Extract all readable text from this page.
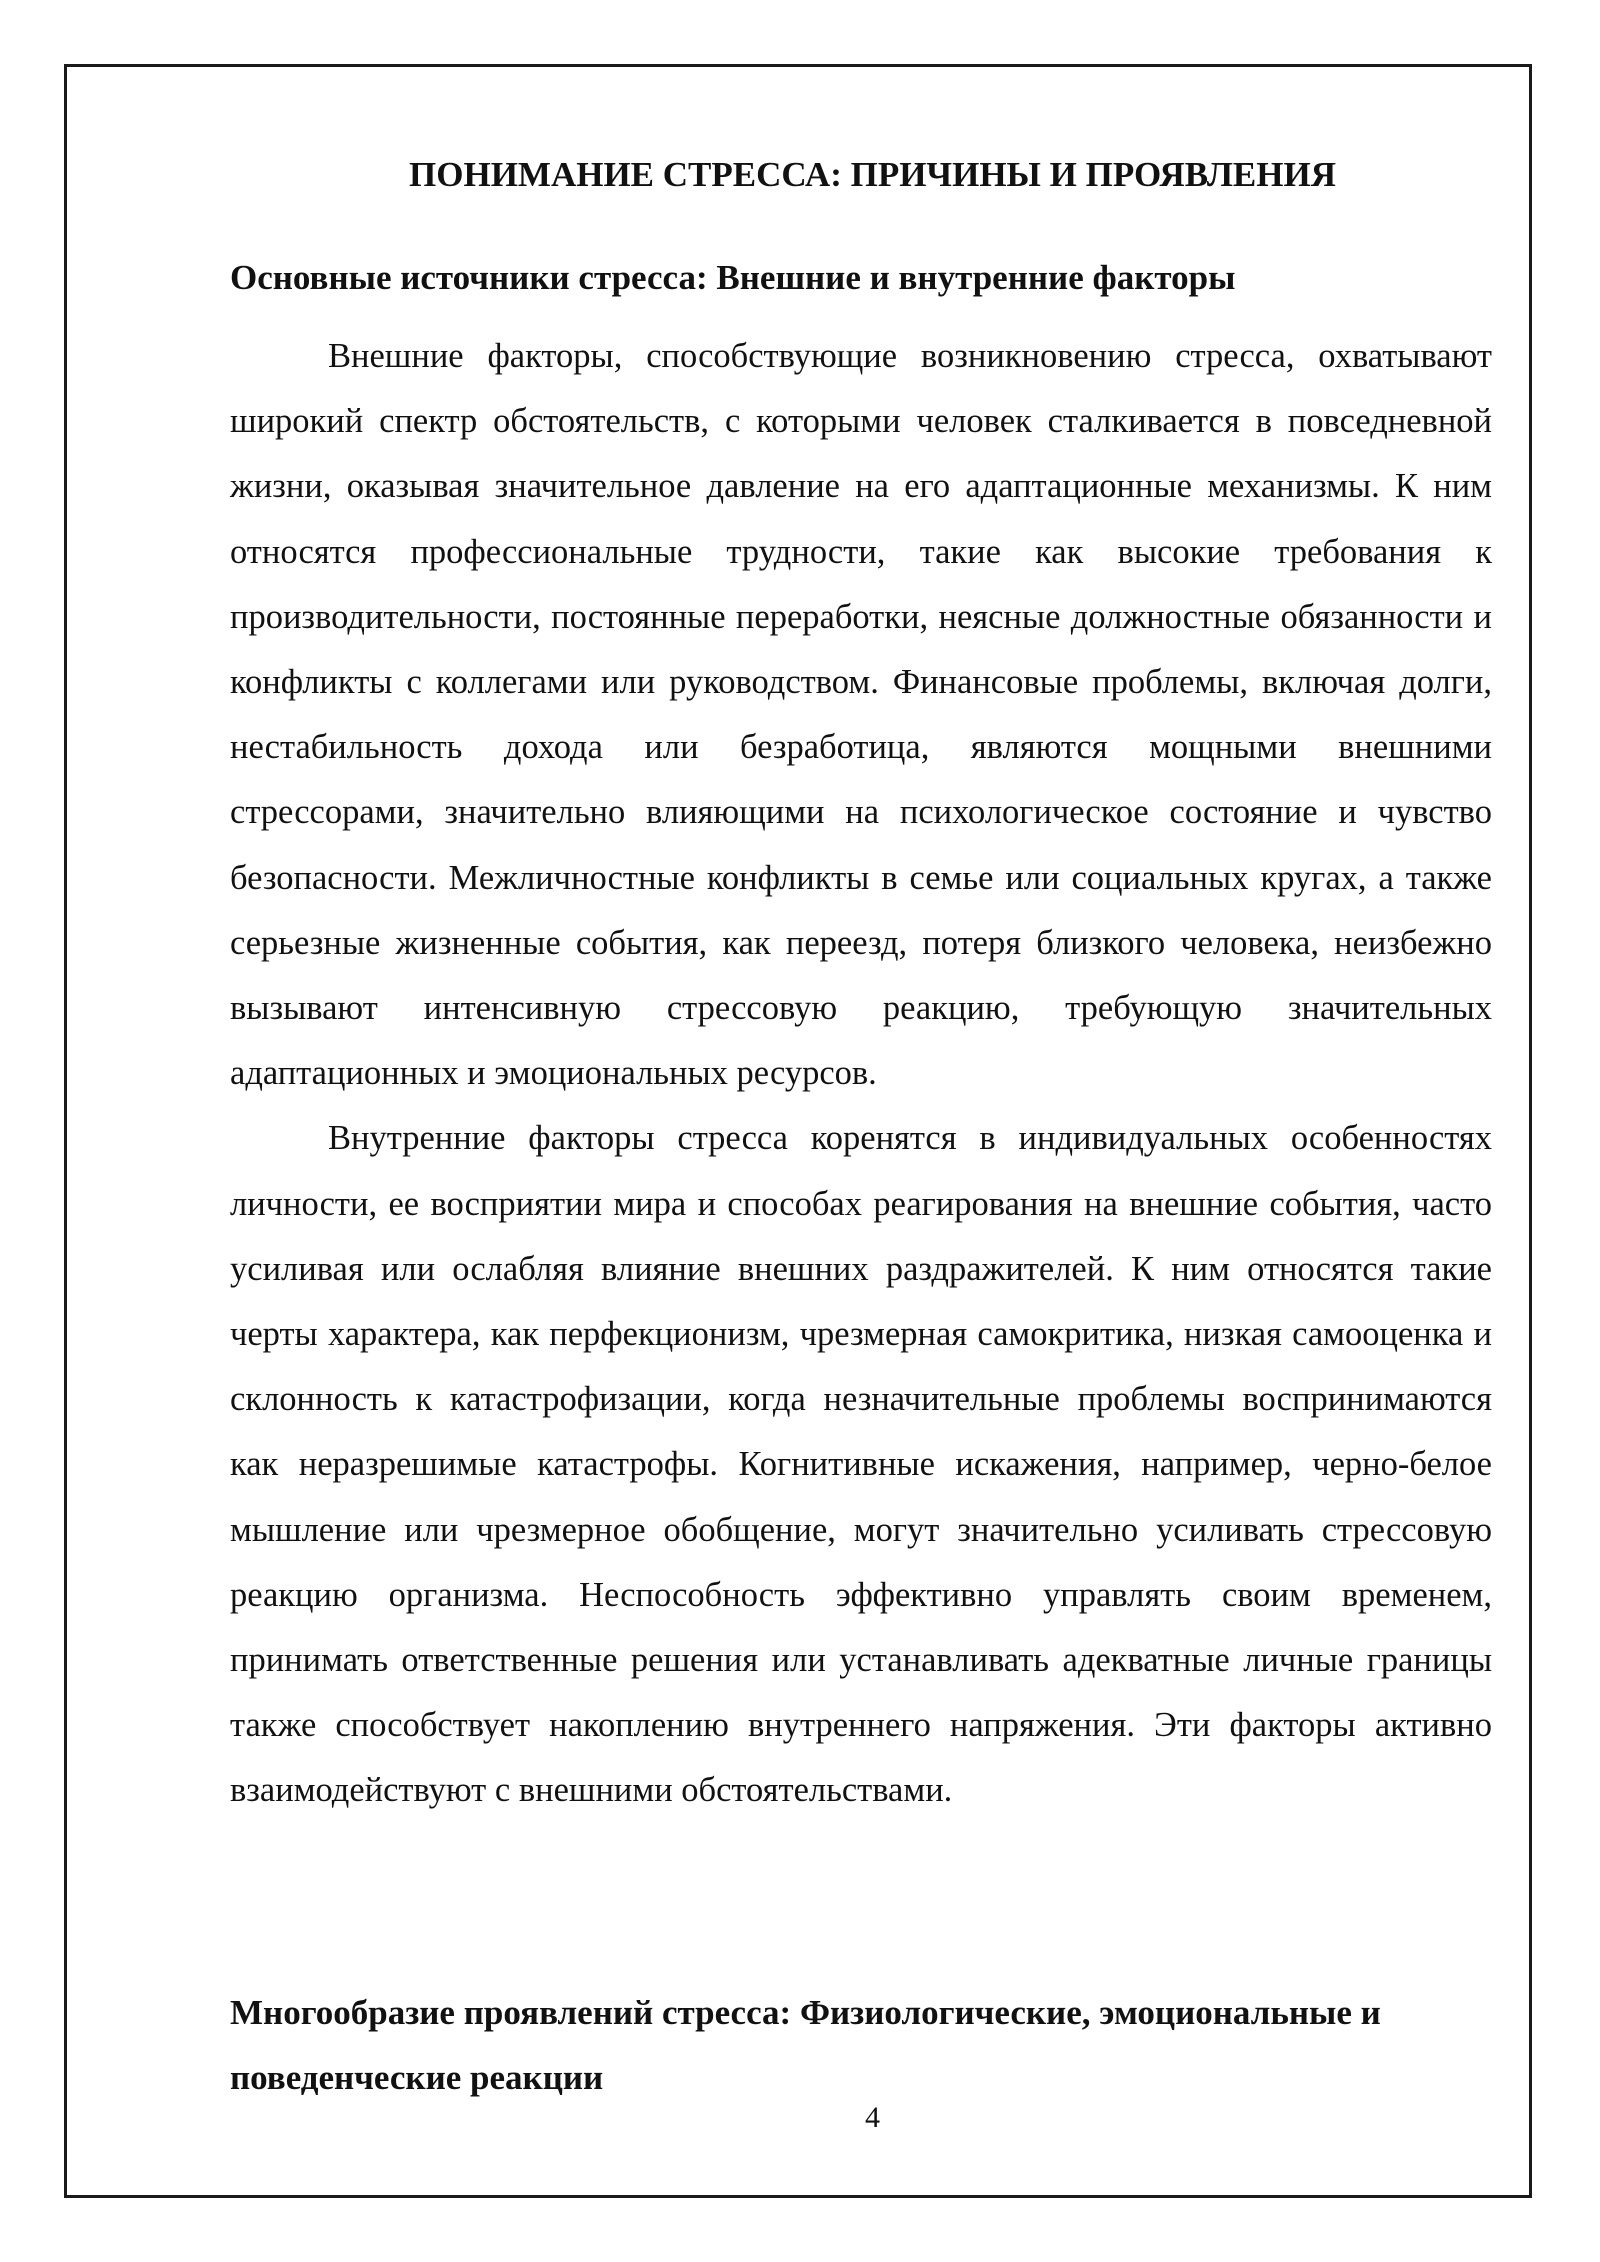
ПОНИМАНИЕ СТРЕССА: ПРИЧИНЫ И ПРОЯВЛЕНИЯ

Основные источники стресса: Внешние и внутренние факторы

Внешние факторы, способствующие возникновению стресса, охватывают широкий спектр обстоятельств, с которыми человек сталкивается в повседневной жизни, оказывая значительное давление на его адаптационные механизмы. К ним относятся профессиональные трудности, такие как высокие требования к производительности, постоянные переработки, неясные должностные обязанности и конфликты с коллегами или руководством. Финансовые проблемы, включая долги, нестабильность дохода или безработица, являются мощными внешними стрессорами, значительно влияющими на психологическое состояние и чувство безопасности. Межличностные конфликты в семье или социальных кругах, а также серьезные жизненные события, как переезд, потеря близкого человека, неизбежно вызывают интенсивную стрессовую реакцию, требующую значительных адаптационных и эмоциональных ресурсов.

Внутренние факторы стресса коренятся в индивидуальных особенностях личности, ее восприятии мира и способах реагирования на внешние события, часто усиливая или ослабляя влияние внешних раздражителей. К ним относятся такие черты характера, как перфекционизм, чрезмерная самокритика, низкая самооценка и склонность к катастрофизации, когда незначительные проблемы воспринимаются как неразрешимые катастрофы. Когнитивные искажения, например, черно-белое мышление или чрезмерное обобщение, могут значительно усиливать стрессовую реакцию организма. Неспособность эффективно управлять своим временем, принимать ответственные решения или устанавливать адекватные личные границы также способствует накоплению внутреннего напряжения. Эти факторы активно взаимодействуют с внешними обстоятельствами.

Многообразие проявлений стресса: Физиологические, эмоциональные и поведенческие реакции

4
